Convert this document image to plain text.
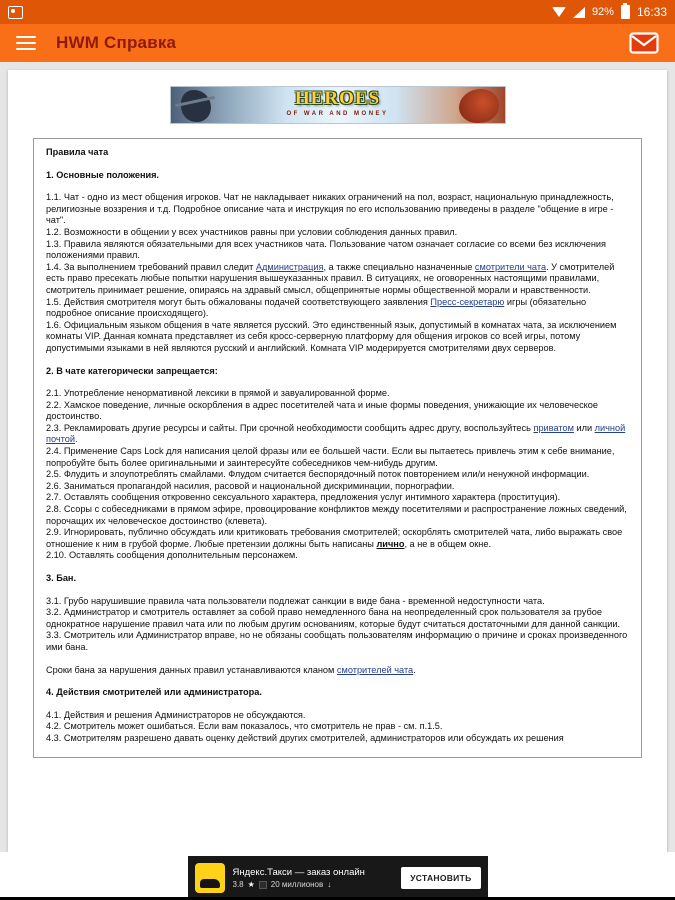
92% 16:33
HWM Справка
HEROES
OF WAR AND MONEY
Правила чата
1. Основные положения.
1.1. Чат - одно из мест общения игроков. Чат не накладывает никаких ограничений на пол, возраст, национальную принадлежность, религиозные воззрения и т.д. Подробное описание чата и инструкция по его использованию приведены в разделе "общение в игре - чат".
1.2. Возможности в общении у всех участников равны при условии соблюдения данных правил.
1.3. Правила являются обязательными для всех участников чата. Пользование чатом означает согласие со всеми без исключения положениями правил.
1.4. За выполнением требований правил следит Администрация, а также специально назначенные смотрители чата. У смотрителей есть право пресекать любые попытки нарушения вышеуказанных правил. В ситуациях, не оговоренных настоящими правилами, смотритель принимает решение, опираясь на здравый смысл, общепринятые нормы общественной морали и нравственности.
1.5. Действия смотрителя могут быть обжалованы подачей соответствующего заявления Пресс-секретарю игры (обязательно подробное описание происходящего).
1.6. Официальным языком общения в чате является русский. Это единственный язык, допустимый в комнатах чата, за исключением комнаты VIP. Данная комната представляет из себя кросс-серверную платформу для общения игроков со всей игры, потому допустимыми языками в ней являются русский и английский. Комната VIP модерируется смотрителями двух серверов.
2. В чате категорически запрещается:
2.1. Употребление ненормативной лексики в прямой и завуалированной форме.
2.2. Хамское поведение, личные оскорбления в адрес посетителей чата и иные формы поведения, унижающие их человеческое достоинство.
2.3. Рекламировать другие ресурсы и сайты. При срочной необходимости сообщить адрес другу, воспользуйтесь приватом или личной почтой.
2.4. Применение Caps Lock для написания целой фразы или ее большей части. Если вы пытаетесь привлечь этим к себе внимание, попробуйте быть более оригинальными и заинтересуйте собеседников чем-нибудь другим.
2.5. Флудить и злоупотреблять смайлами. Флудом считается беспорядочный поток повторением или/и ненужной информации.
2.6. Заниматься пропагандой насилия, расовой и национальной дискриминации, порнографии.
2.7. Оставлять сообщения откровенно сексуального характера, предложения услуг интимного характера (проституция).
2.8. Ссоры с собеседниками в прямом эфире, провоцирование конфликтов между посетителями и распространение ложных сведений, порочащих их человеческое достоинство (клевета).
2.9. Игнорировать, публично обсуждать или критиковать требования смотрителей; оскорблять смотрителей чата, либо выражать свое отношение к ним в грубой форме. Любые претензии должны быть написаны лично, а не в общем окне.
2.10. Оставлять сообщения дополнительным персонажем.
3. Бан.
3.1. Грубо нарушившие правила чата пользователи подлежат санкции в виде бана - временной недоступности чата.
3.2. Администратор и смотритель оставляет за собой право немедленного бана на неопределенный срок пользователя за грубое однократное нарушение правил чата или по любым другим основаниям, которые будут считаться достаточными для данной санкции.
3.3. Смотритель или Администратор вправе, но не обязаны сообщать пользователям информацию о причине и сроках произведенного ими бана.
Сроки бана за нарушения данных правил устанавливаются кланом смотрителей чата.
4. Действия смотрителей или администратора.
4.1. Действия и решения Администраторов не обсуждаются.
4.2. Смотритель может ошибаться. Если вам показалось, что смотритель не прав - см. п.1.5.
4.3. Смотрителям разрешено давать оценку действий других смотрителей, администраторов или обсуждать их решения
Яндекс.Такси — заказ онлайн
3.8 ★ 20 миллионов ↓
УСТАНОВИТЬ
